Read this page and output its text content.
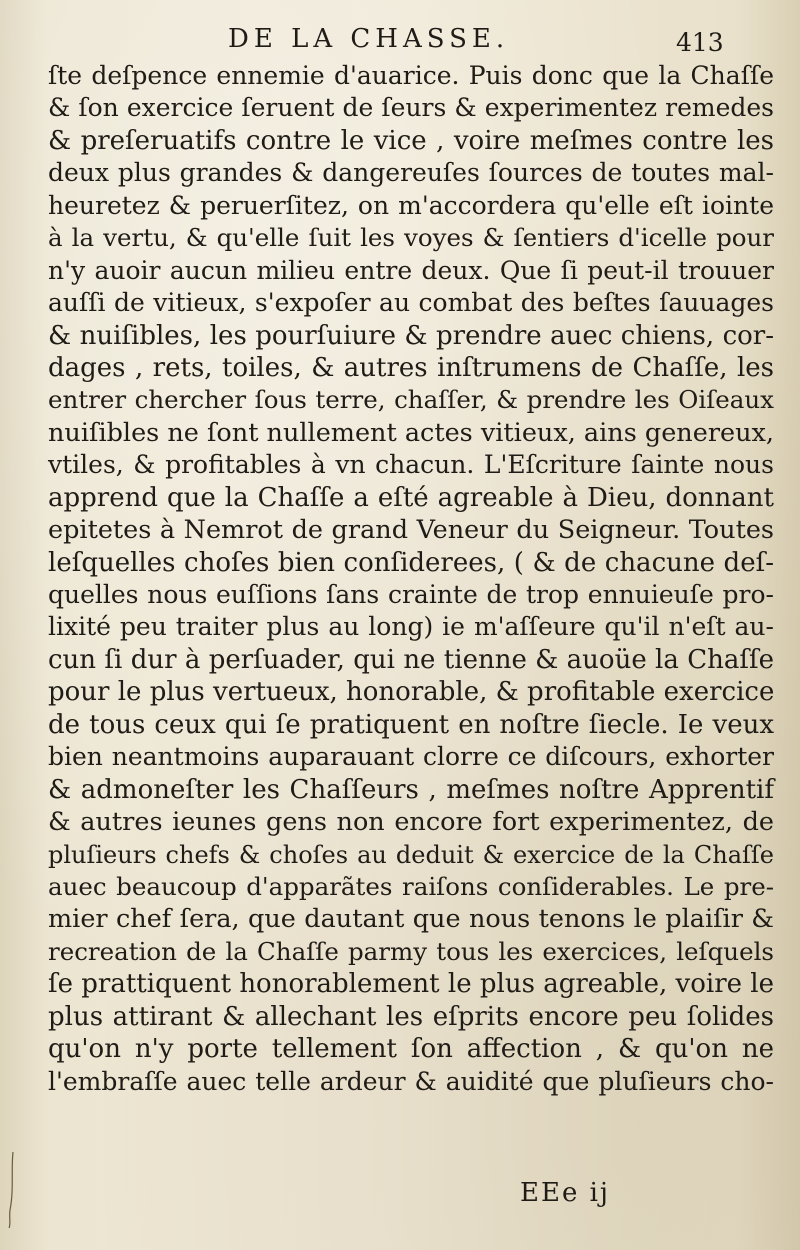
DE LA CHASSE.	413
ſte deſpence ennemie d'auarice. Puis donc que la Chaſſe
& ſon exercice ſeruent de ſeurs & experimentez remedes
& preſeruatifs contre le vice , voire meſmes contre les
deux plus grandes & dangereuſes ſources de toutes mal-
heuretez & peruerſitez, on m'accordera qu'elle eſt iointe
à la vertu, & qu'elle ſuit les voyes & ſentiers d'icelle pour
n'y auoir aucun milieu entre deux. Que ſi peut-il trouuer
auſſi de vitieux, s'expoſer au combat des beſtes ſauuages
& nuiſibles, les pourſuiure & prendre auec chiens, cor-
dages , rets, toiles, & autres inſtrumens de Chaſſe, les
entrer chercher ſous terre, chaſſer, & prendre les Oiſeaux
nuiſibles ne ſont nullement actes vitieux, ains genereux,
vtiles, & profitables à vn chacun. L'Eſcriture ſainte nous
apprend que la Chaſſe a eſté agreable à Dieu, donnant
epitetes à Nemrot de grand Veneur du Seigneur. Toutes
leſquelles choſes bien conſiderees, ( & de chacune deſ-
quelles nous euſſions ſans crainte de trop ennuieuſe pro-
lixité peu traiter plus au long) ie m'aſſeure qu'il n'eſt au-
cun ſi dur à perſuader, qui ne tienne & auoüe la Chaſſe
pour le plus vertueux, honorable, & profitable exercice
de tous ceux qui ſe pratiquent en noſtre ſiecle. Ie veux
bien neantmoins auparauant clorre ce diſcours, exhorter
& admoneſter les Chaſſeurs , meſmes noſtre Apprentif
& autres ieunes gens non encore fort experimentez, de
pluſieurs chefs & choſes au deduit & exercice de la Chaſſe
auec beaucoup d'apparãtes raiſons conſiderables. Le pre-
mier chef ſera, que dautant que nous tenons le plaiſir &
recreation de la Chaſſe parmy tous les exercices, leſquels
ſe prattiquent honorablement le plus agreable, voire le
plus attirant & allechant les eſprits encore peu ſolides
qu'on n'y porte tellement ſon affection , & qu'on ne
l'embraſſe auec telle ardeur & auidité que pluſieurs cho-
EEe ij
